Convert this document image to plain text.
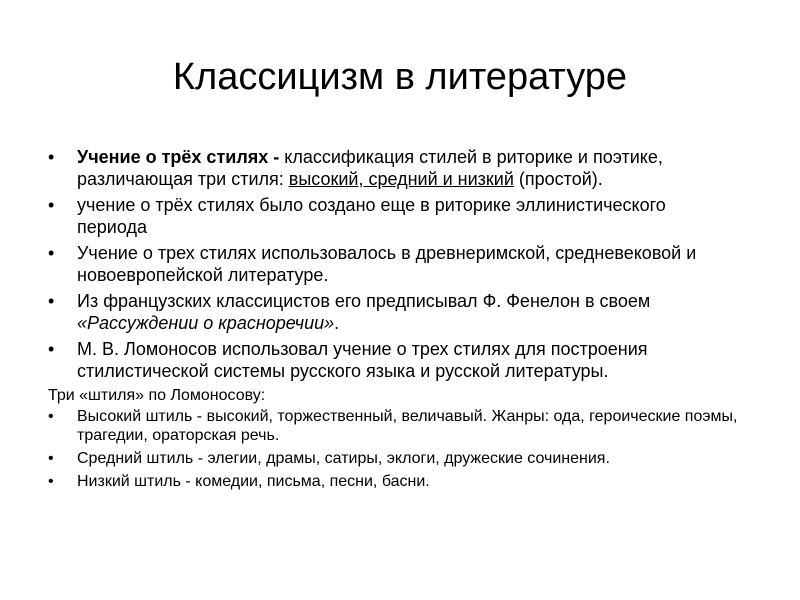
Классицизм в литературе
• Учение о трёх стилях - классификация стилей в риторике и поэтике, различающая три стиля: высокий, средний и низкий (простой).
• учение о трёх стилях было создано еще в риторике эллинистического периода
• Учение о трех стилях использовалось в древнеримской, средневековой и новоевропейской литературе.
• Из французских классицистов его предписывал Ф. Фенелон в своем «Рассуждении о красноречии».
• М. В. Ломоносов использовал учение о трех стилях для построения стилистической системы русского языка и русской литературы.

Три «штиля» по Ломоносову:

• Высокий штиль - высокий, торжественный, величавый. Жанры: ода, героические поэмы, трагедии, ораторская речь.
• Средний штиль - элегии, драмы, сатиры, эклоги, дружеские сочинения.
• Низкий штиль - комедии, письма, песни, басни.
